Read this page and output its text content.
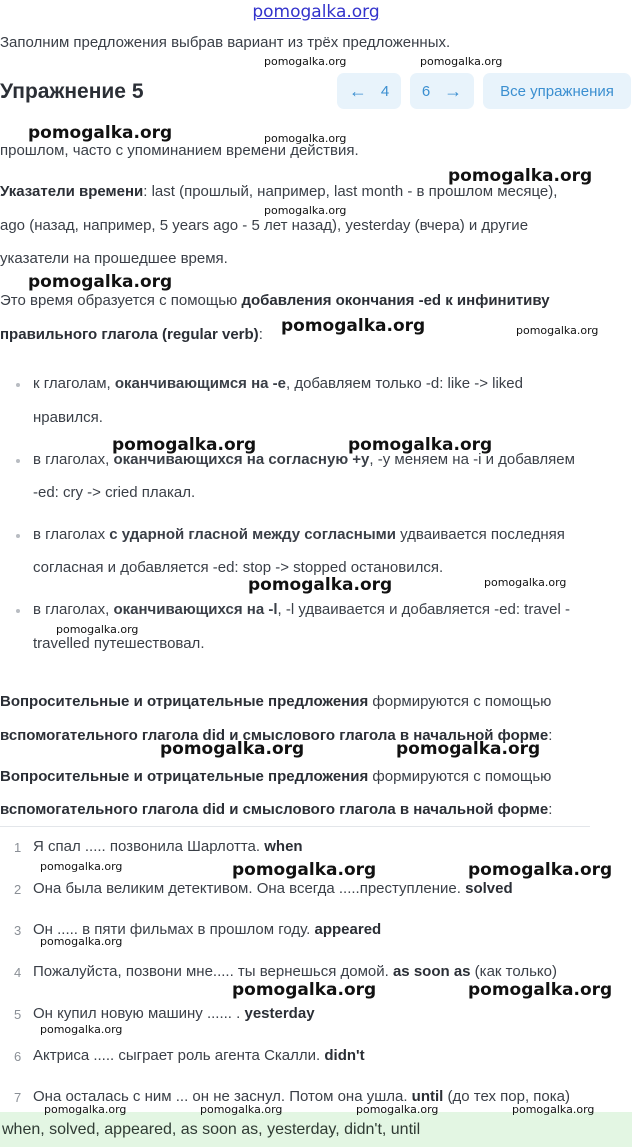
pomogalka.org
Заполним предложения выбрав вариант из трёх предложенных.
Упражнение 5	← 4 6 →	Все упражнения
прошлом, часто с упоминанием времени действия.
Указатели времени: last (прошлый, например, last month - в прошлом месяце),
ago (назад, например, 5 years ago - 5 лет назад), yesterday (вчера) и другие
указатели на прошедшее время.
Это время образуется с помощью добавления окончания -ed к инфинитиву
правильного глагола (regular verb):
к глаголам, оканчивающимся на -e, добавляем только -d: like -> liked
нравился.
в глаголах, оканчивающихся на согласную +y, -y меняем на -i и добавляем
-ed: cry -> cried плакал.
в глаголах с ударной гласной между согласными удваивается последняя
согласная и добавляется -ed: stop -> stopped остановился.
в глаголах, оканчивающихся на -l, -l удваивается и добавляется -ed: travel -
travelled путешествовал.
Вопросительные и отрицательные предложения формируются с помощью
вспомогательного глагола did и смыслового глагола в начальной форме:
Вопросительные и отрицательные предложения формируются с помощью
вспомогательного глагола did и смыслового глагола в начальной форме:
1 Я спал ..... позвонила Шарлотта. when
2 Она была великим детективом. Она всегда .....преступление. solved
3 Он ..... в пяти фильмах в прошлом году. appeared
4 Пожалуйста, позвони мне..... ты вернешься домой. as soon as (как только)
5 Он купил новую машину ...... . yesterday
6 Актриса ..... сыграет роль агента Скалли. didn't
7 Она осталась с ним ... он не заснул. Потом она ушла. until (до тех пор, пока)
when, solved, appeared, as soon as, yesterday, didn't, until
pomogalka.org	pomogalka.org
pomogalka.org	pomogalka.org
pomogalka.org
pomogalka.org
pomogalka.org
pomogalka.org	pomogalka.org
pomogalka.org	pomogalka.org
pomogalka.org	pomogalka.org
pomogalka.org
pomogalka.org	pomogalka.org
pomogalka.org	pomogalka.org	pomogalka.org
pomogalka.org
pomogalka.org	pomogalka.org
pomogalka.org
pomogalka.org	pomogalka.org	pomogalka.org	pomogalka.org
